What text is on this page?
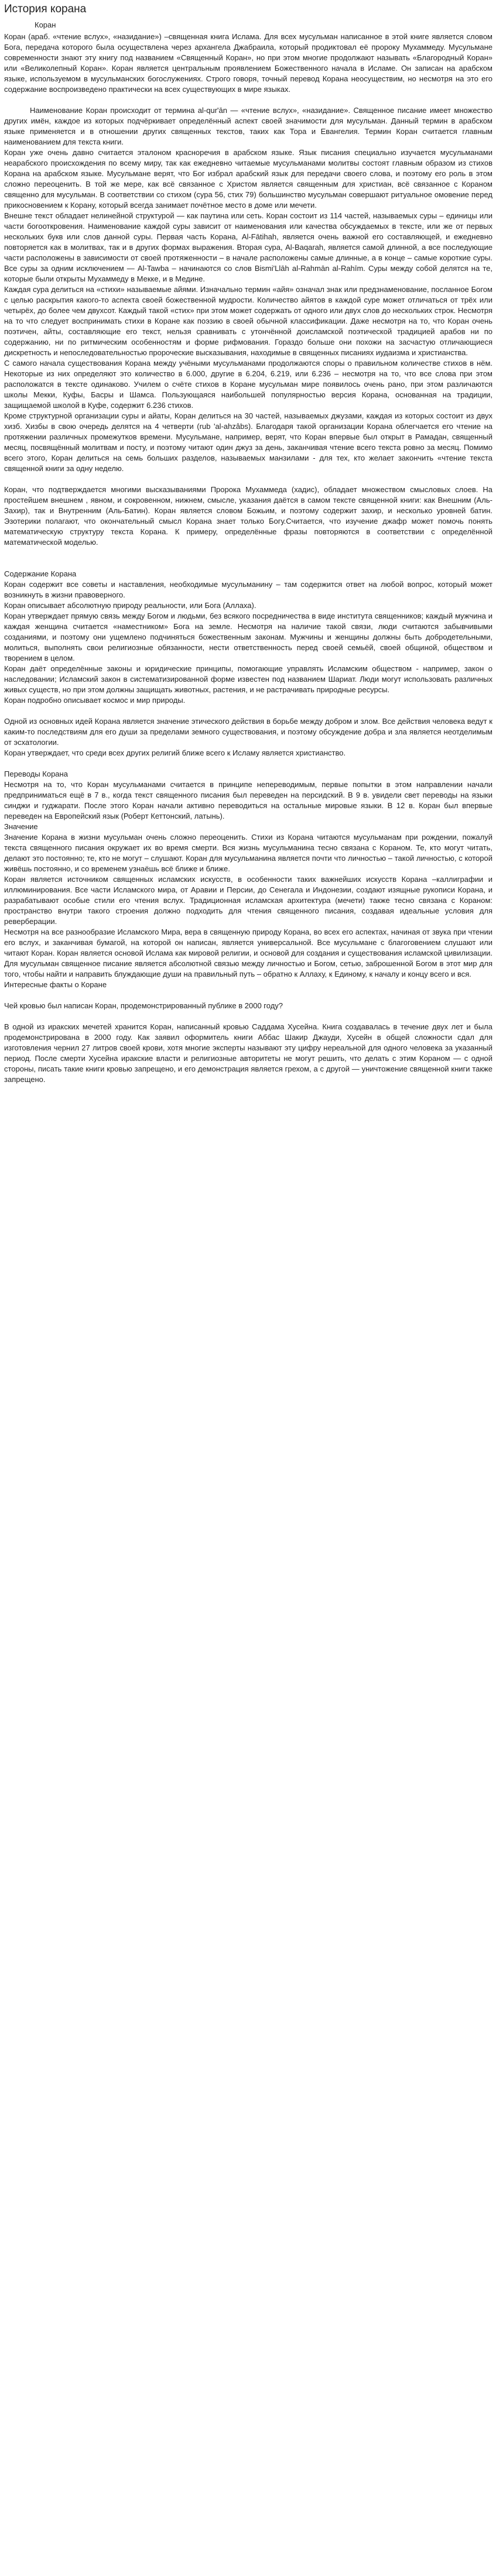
История корана
Коран

Коран (араб. «чтение вслух», «назидание») –священная книга Ислама. Для всех мусульман написанное в этой книге является словом Бога, передача которого была осуществлена через архангела Джабраила, который продиктовал её пророку Мухаммеду. Мусульмане современности знают эту книгу под названием «Священный Коран», но при этом многие продолжают называть «Благородный Коран» или «Великолепный Коран». Коран является центральным проявлением Божественного начала в Исламе. Он записан на арабском языке, используемом в мусульманских богослужениях. Строго говоря, точный перевод Корана неосуществим, но несмотря на это его содержание воспроизведено практически на всех существующих в мире языках.

Наименование Коран происходит от термина al-qur'ān — «чтение вслух», «назидание». Священное писание имеет множество других имён, каждое из которых подчёркивает определённый аспект своей значимости для мусульман. Данный термин в арабском языке применяется и в отношении других священных текстов, таких как Тора и Евангелия. Термин Коран считается главным наименованием для текста книги.

Коран уже очень давно считается эталоном красноречия в арабском языке. Язык писания специально изучается мусульманами неарабского происхождения по всему миру, так как ежедневно читаемые мусульманами молитвы состоят главным образом из стихов Корана на арабском языке. Мусульмане верят, что Бог избрал арабский язык для передачи своего слова, и поэтому его роль в этом сложно переоценить. В той же мере, как всё связанное с Христом является священным для христиан, всё связанное с Кораном священно для мусульман. В соответствии со стихом (сура 56, стих 79) большинство мусульман совершают ритуальное омовение перед прикосновением к Корану, который всегда занимает почётное место в доме или мечети.

Внешне текст обладает нелинейной структурой — как паутина или сеть. Коран состоит из 114 частей, называемых суры – единицы или части богооткровения. Наименование каждой суры зависит от наименования или качества обсуждаемых в тексте, или же от первых нескольких букв или слов данной суры. Первая часть Корана, Al-Fātihah, является очень важной его составляющей, и ежедневно повторяется как в молитвах, так и в других формах выражения. Вторая сура, Al-Baqarah, является самой длинной, а все последующие части расположены в зависимости от своей протяженности – в начале расположены самые длинные, а в конце – самые короткие суры. Все суры за одним исключением — Al-Tawba – начинаются со слов Bismi'Llāh al-Rahmān al-Rahīm. Суры между собой делятся на те, которые были открыты Мухаммеду в Мекке, и в Медине.

Каждая сура делиться на «стихи» называемые айями. Изначально термин «айя» означал знак или предзнаменование, посланное Богом с целью раскрытия какого-то аспекта своей божественной мудрости. Количество айятов в каждой суре может отличаться от трёх или четырёх, до более чем двухсот. Каждый такой «стих» при этом может содержать от одного или двух слов до нескольких строк. Несмотря на то что следует воспринимать стихи в Коране как поэзию в своей обычной классификации. Даже несмотря на то, что Коран очень поэтичен, айты, составляющие его текст, нельзя сравнивать с утончённой доисламской поэтической традицией арабов ни по содержанию, ни по ритмическим особенностям и форме рифмования. Гораздо больше они похожи на засчастую отличающиеся дискретность и непоследовательностью пророческие высказывания, находимые в священных писаниях иудаизма и христианства.

С самого начала существования Корана между учёными мусульманами продолжаются споры о правильном количестве стихов в нём. Некоторые из них определяют это количество в 6.000, другие в 6.204, 6.219, или 6.236 – несмотря на то, что все слова при этом расположатся в тексте одинаково. Училем о счёте стихов в Коране мусульман мире появилось очень рано, при этом различаются школы Мекки, Куфы, Басры и Шамса. Пользующаяся наибольшей популярностью версия Корана, основанная на традиции, защищаемой школой в Куфе, содержит 6.236 стихов.

Кроме структурной организации суры и айаты, Коран делиться на 30 частей, называемых джузами, каждая из которых состоит из двух хизб. Хизбы в свою очередь делятся на 4 четверти (rub 'al-ahzâbs). Благодаря такой организации Корана облегчается его чтение на протяжении различных промежутков времени. Мусульмане, например, верят, что Коран впервые был открыт в Рамадан, священный месяц, посвящённый молитвам и посту, и поэтому читают один джуз за день, заканчивая чтение всего текста ровно за месяц. Помимо всего этого, Коран делиться на семь больших разделов, называемых манзилами - для тех, кто желает закончить «чтение текста священной книги за одну неделю.

Коран, что подтверждается многими высказываниями Пророка Мухаммеда (хадис), обладает множеством смысловых слоев. На простейшем внешнем , явном, и сокровенном, нижнем, смысле, указания даётся в самом тексте священной книги: как Внешним (Аль-Захир), так и Внутренним (Аль-Батин). Коран является словом Божьим, и поэтому содержит захир, и несколько уровней батин. Эзотерики полагают, что окончательный смысл Корана знает только Богу.Считается, что изучение джафр может помочь понять математическую структуру текста Корана. К примеру, определённые фразы повторяются в соответствии с определённой математической моделью.

Содержание Корана

Коран содержит все советы и наставления, необходимые мусульманину – там содержится ответ на любой вопрос, который может возникнуть в жизни правоверного.

Коран описывает абсолютную природу реальности, или Бога (Аллаха).

Коран утверждает прямую связь между Богом и людьми, без всякого посредничества в виде института священников; каждый мужчина и каждая женщина считается «наместником» Бога на земле. Несмотря на наличие такой связи, люди считаются забывчивыми созданиями, и поэтому они ущемлено подчиняться божественным законам. Мужчины и женщины должны быть добродетельными, молиться, выполнять свои религиозные обязанности, нести ответственность перед своей семьёй, своей общиной, обществом и творением в целом.

Коран даёт определённые законы и юридические принципы, помогающие управлять Исламским обществом - например, закон о наследовании; Исламский закон в систематизированной форме известен под названием Шариат. Люди могут использовать различных живых существ, но при этом должны защищать животных, растения, и не растрачивать природные ресурсы.

Коран подробно описывает космос и мир природы.

Одной из основных идей Корана является значение этического действия в борьбе между добром и злом. Все действия человека ведут к каким-то последствиям для его души за пределами земного существования, и поэтому обсуждение добра и зла является неотделимым от эсхатологии.

Коран утверждает, что среди всех других религий ближе всего к Исламу является христианство.

Переводы Корана

Несмотря на то, что Коран мусульманами считается в принципе непереводимым, первые попытки в этом направлении начали предприниматься ещё в 7 в., когда текст священного писания был переведен на персидский. В 9 в. увидели свет переводы на языки синджи и гуджарати. После этого Коран начали активно переводиться на остальные мировые языки. В 12 в. Коран был впервые переведен на Европейский язык (Роберт Кеттонский, латынь).

Значение

Значение Корана в жизни мусульман очень сложно переоценить. Стихи из Корана читаются мусульманам при рождении, пожалуй текста священного писания окружает их во время смерти. Вся жизнь мусульманина тесно связана с Кораном. Те, кто могут читать, делают это постоянно; те, кто не могут – слушают. Коран для мусульманина является почти что личностью – такой личностью, с которой живёшь постоянно, и со временем узнаёшь всё ближе и ближе.

Коран является источником священных исламских искусств, в особенности таких важнейших искусств Корана –каллиграфии и иллюминирования. Все части Исламского мира, от Аравии и Персии, до Сенегала и Индонезии, создают изящные рукописи Корана, и разрабатывают особые стили его чтения вслух. Традиционная исламская архитектура (мечети) также тесно связана с Кораном: пространство внутри такого строения должно подходить для чтения священного писания, создавая идеальные условия для реверберации.

Несмотря на все разнообразие Исламского Мира, вера в священную природу Корана, во всех его аспектах, начиная от звука при чтении его вслух, и заканчивая бумагой, на которой он написан, является универсальной. Все мусульмане с благоговением слушают или читают Коран. Коран является основой Ислама как мировой религии, и основой для создания и существования исламской цивилизации. Для мусульман священное писание является абсолютной связью между личностью и Богом, сетью, заброшенной Богом в этот мир для того, чтобы найти и направить блуждающие души на правильный путь – обратно к Аллаху, к Единому, к началу и концу всего и вся.

Интересные факты о Коране

Чей кровью был написан Коран, продемонстрированный публике в 2000 году?

В одной из иракских мечетей хранится Коран, написанный кровью Саддама Хусейна. Книга создавалась в течение двух лет и была продемонстрирована в 2000 году. Как заявил оформитель книги Аббас Шакир Джауди, Хусейн в общей сложности сдал для изготовления чернил 27 литров своей крови, хотя многие эксперты называют эту цифру нереальной для одного человека за указанный период. После смерти Хусейна иракские власти и религиозные авторитеты не могут решить, что делать с этим Кораном — с одной стороны, писать такие книги кровью запрещено, и его демонстрация является грехом, а с другой — уничтожение священной книги также запрещено.
